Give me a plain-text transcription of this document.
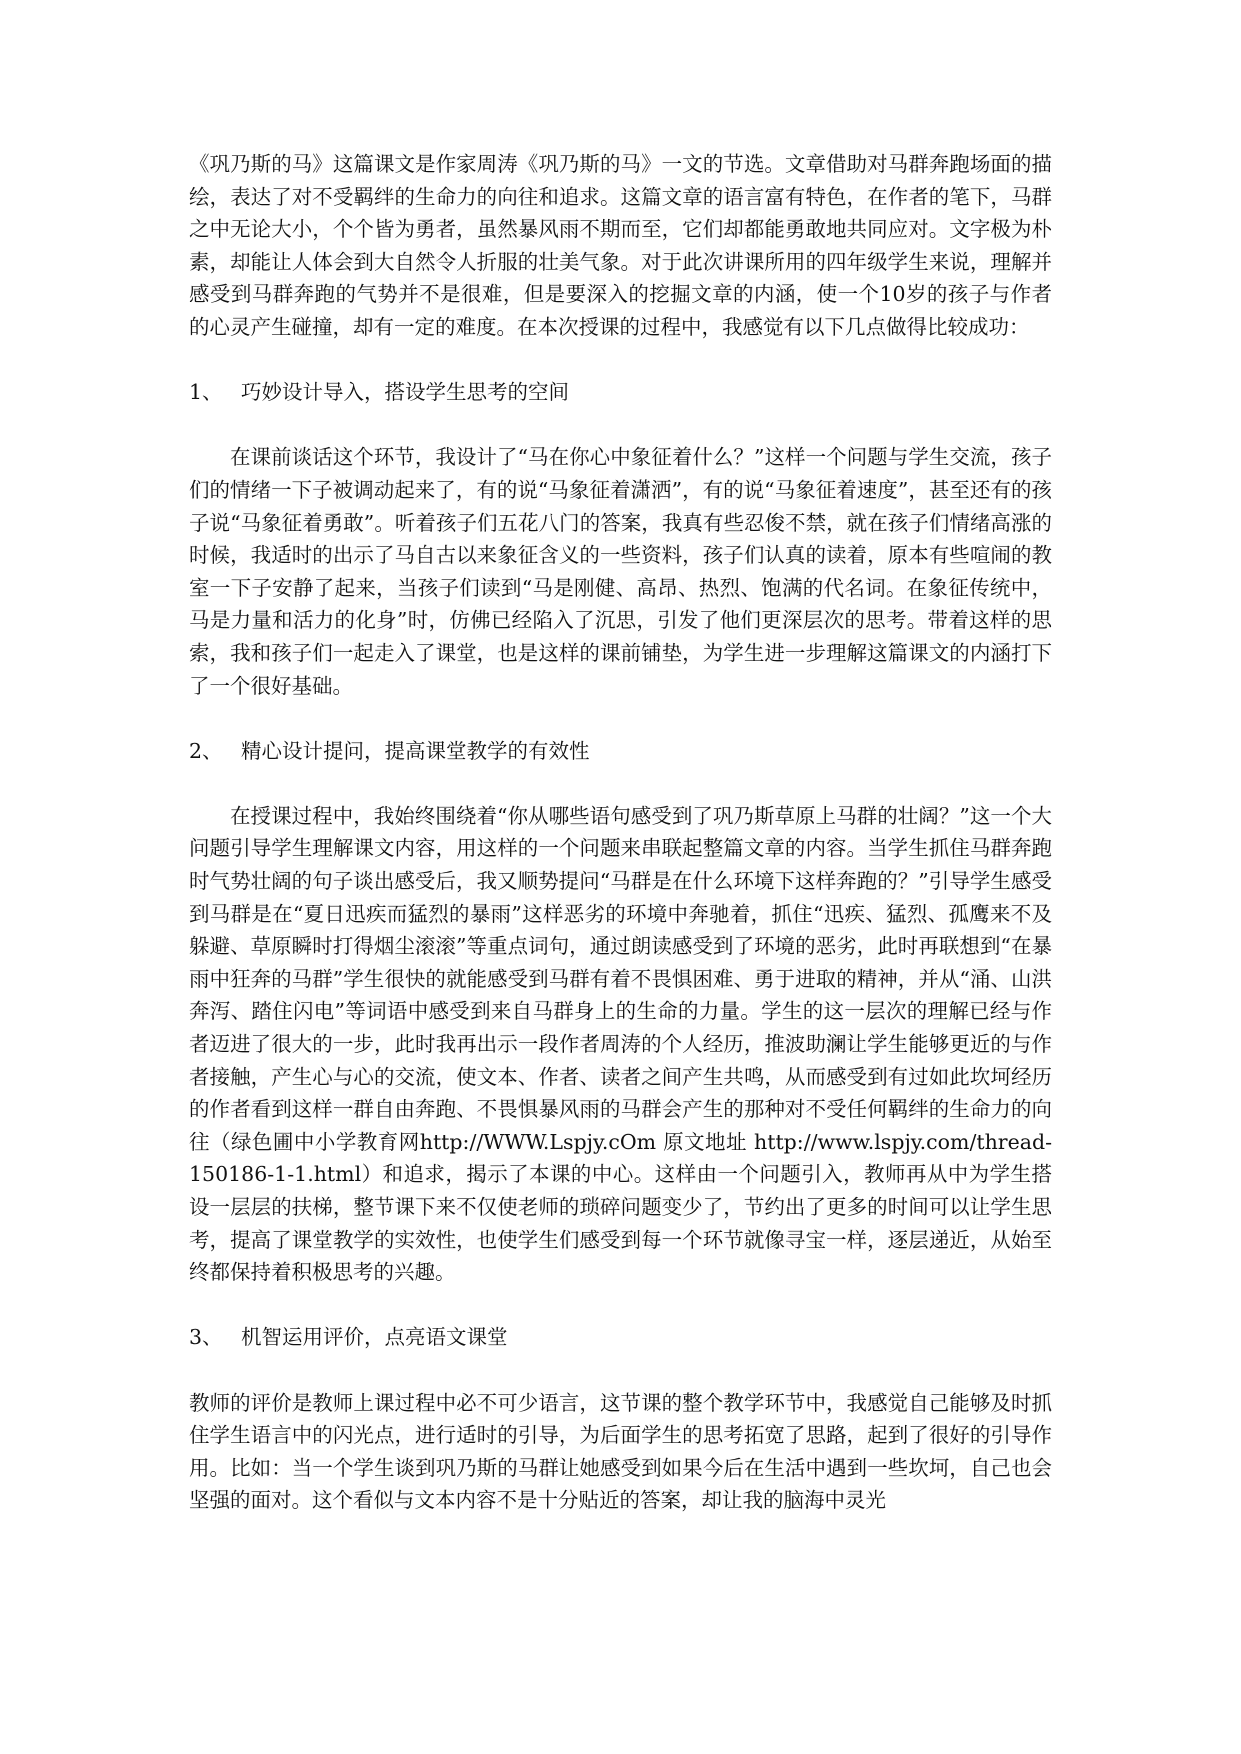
《巩乃斯的马》这篇课文是作家周涛《巩乃斯的马》一文的节选。文章借助对马群奔跑场面的描绘，表达了对不受羁绊的生命力的向往和追求。这篇文章的语言富有特色，在作者的笔下，马群之中无论大小，个个皆为勇者，虽然暴风雨不期而至，它们却都能勇敢地共同应对。文字极为朴素，却能让人体会到大自然令人折服的壮美气象。对于此次讲课所用的四年级学生来说，理解并感受到马群奔跑的气势并不是很难，但是要深入的挖掘文章的内涵，使一个10岁的孩子与作者的心灵产生碰撞，却有一定的难度。在本次授课的过程中，我感觉有以下几点做得比较成功：

1、 巧妙设计导入，搭设学生思考的空间

在课前谈话这个环节，我设计了“马在你心中象征着什么？”这样一个问题与学生交流，孩子们的情绪一下子被调动起来了，有的说“马象征着潇洒”，有的说“马象征着速度”，甚至还有的孩子说“马象征着勇敢”。听着孩子们五花八门的答案，我真有些忍俊不禁，就在孩子们情绪高涨的时候，我适时的出示了马自古以来象征含义的一些资料，孩子们认真的读着，原本有些喧闹的教室一下子安静了起来，当孩子们读到“马是刚健、高昂、热烈、饱满的代名词。在象征传统中，马是力量和活力的化身”时，仿佛已经陷入了沉思，引发了他们更深层次的思考。带着这样的思索，我和孩子们一起走入了课堂，也是这样的课前铺垫，为学生进一步理解这篇课文的内涵打下了一个很好基础。

2、 精心设计提问，提高课堂教学的有效性

在授课过程中，我始终围绕着“你从哪些语句感受到了巩乃斯草原上马群的壮阔？”这一个大问题引导学生理解课文内容，用这样的一个问题来串联起整篇文章的内容。当学生抓住马群奔跑时气势壮阔的句子谈出感受后，我又顺势提问“马群是在什么环境下这样奔跑的？”引导学生感受到马群是在“夏日迅疾而猛烈的暴雨”这样恶劣的环境中奔驰着，抓住“迅疾、猛烈、孤鹰来不及躲避、草原瞬时打得烟尘滚滚”等重点词句，通过朗读感受到了环境的恶劣，此时再联想到“在暴雨中狂奔的马群”学生很快的就能感受到马群有着不畏惧困难、勇于进取的精神，并从“涌、山洪奔泻、踏住闪电”等词语中感受到来自马群身上的生命的力量。学生的这一层次的理解已经与作者迈进了很大的一步，此时我再出示一段作者周涛的个人经历，推波助澜让学生能够更近的与作者接触，产生心与心的交流，使文本、作者、读者之间产生共鸣，从而感受到有过如此坎坷经历的作者看到这样一群自由奔跑、不畏惧暴风雨的马群会产生的那种对不受任何羁绊的生命力的向往（绿色圃中小学教育网http://WWW.Lspjy.cOm 原文地址 http://www.lspjy.com/thread-150186-1-1.html）和追求，揭示了本课的中心。这样由一个问题引入，教师再从中为学生搭设一层层的扶梯，整节课下来不仅使老师的琐碎问题变少了，节约出了更多的时间可以让学生思考，提高了课堂教学的实效性，也使学生们感受到每一个环节就像寻宝一样，逐层递近，从始至终都保持着积极思考的兴趣。

3、 机智运用评价，点亮语文课堂

教师的评价是教师上课过程中必不可少语言，这节课的整个教学环节中，我感觉自己能够及时抓住学生语言中的闪光点，进行适时的引导，为后面学生的思考拓宽了思路，起到了很好的引导作用。比如：当一个学生谈到巩乃斯的马群让她感受到如果今后在生活中遇到一些坎坷，自己也会坚强的面对。这个看似与文本内容不是十分贴近的答案，却让我的脑海中灵光
